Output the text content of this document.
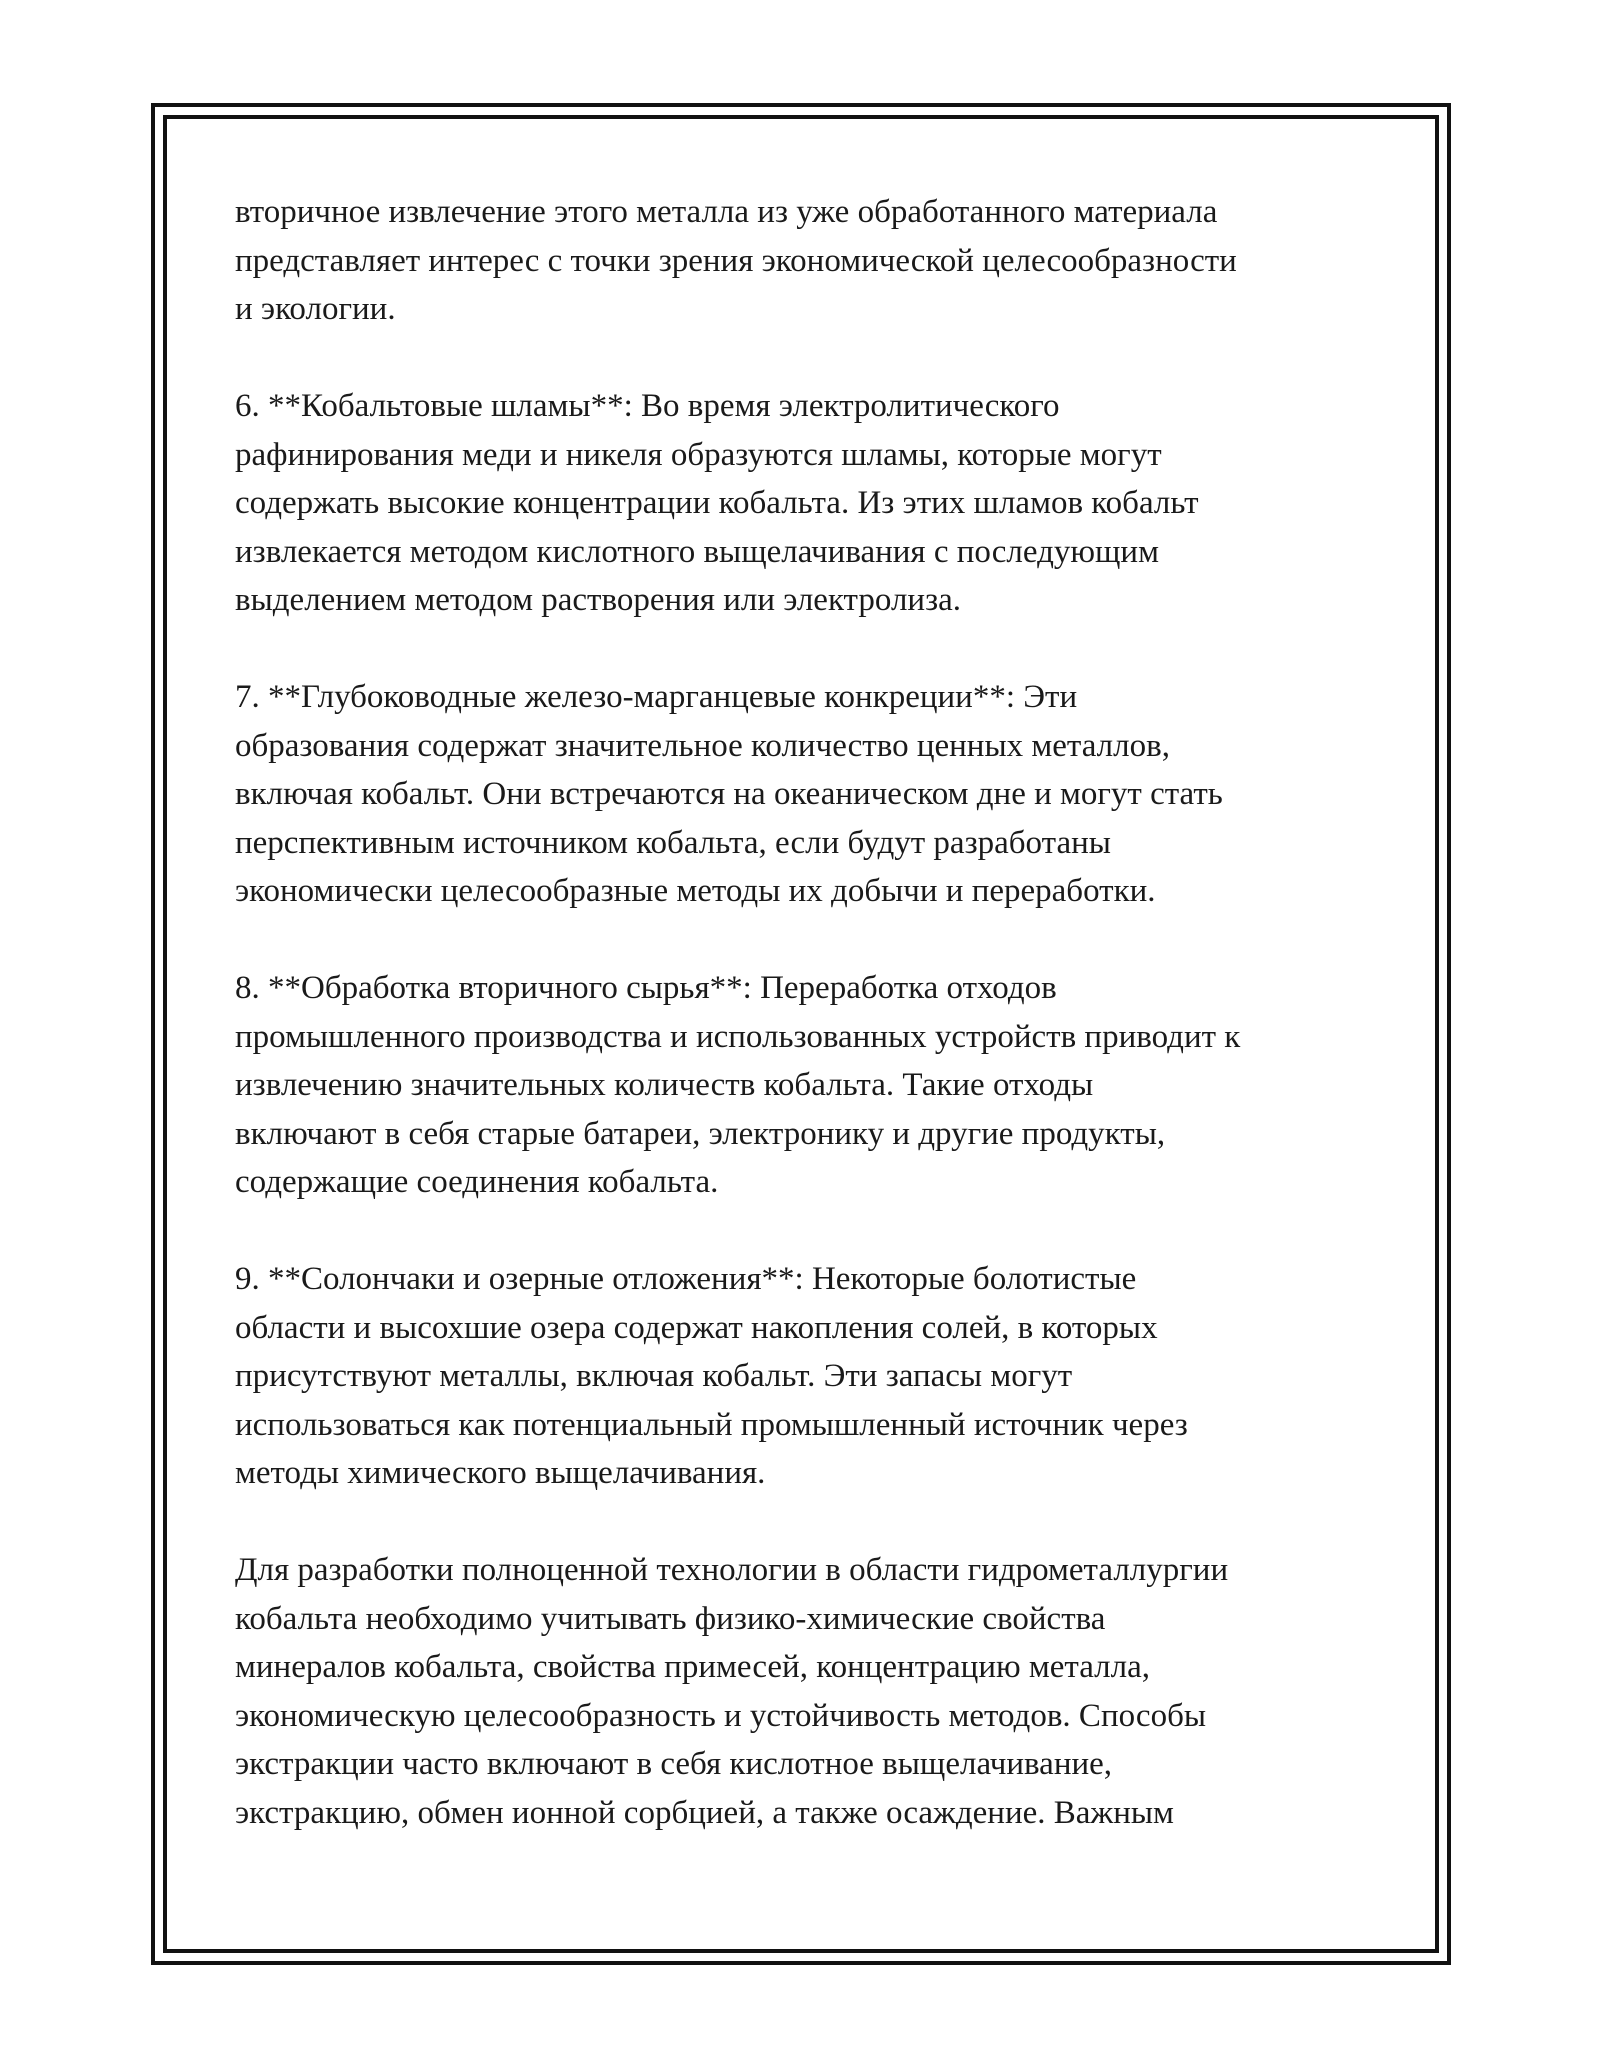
вторичное извлечение этого металла из уже обработанного материала
представляет интерес с точки зрения экономической целесообразности
и экологии.

6. **Кобальтовые шламы**: Во время электролитического
рафинирования меди и никеля образуются шламы, которые могут
содержать высокие концентрации кобальта. Из этих шламов кобальт
извлекается методом кислотного выщелачивания с последующим
выделением методом растворения или электролиза.

7. **Глубоководные железо-марганцевые конкреции**: Эти
образования содержат значительное количество ценных металлов,
включая кобальт. Они встречаются на океаническом дне и могут стать
перспективным источником кобальта, если будут разработаны
экономически целесообразные методы их добычи и переработки.

8. **Обработка вторичного сырья**: Переработка отходов
промышленного производства и использованных устройств приводит к
извлечению значительных количеств кобальта. Такие отходы
включают в себя старые батареи, электронику и другие продукты,
содержащие соединения кобальта.

9. **Солончаки и озерные отложения**: Некоторые болотистые
области и высохшие озера содержат накопления солей, в которых
присутствуют металлы, включая кобальт. Эти запасы могут
использоваться как потенциальный промышленный источник через
методы химического выщелачивания.

Для разработки полноценной технологии в области гидрометаллургии
кобальта необходимо учитывать физико-химические свойства
минералов кобальта, свойства примесей, концентрацию металла,
экономическую целесообразность и устойчивость методов. Способы
экстракции часто включают в себя кислотное выщелачивание,
экстракцию, обмен ионной сорбцией, а также осаждение. Важным
